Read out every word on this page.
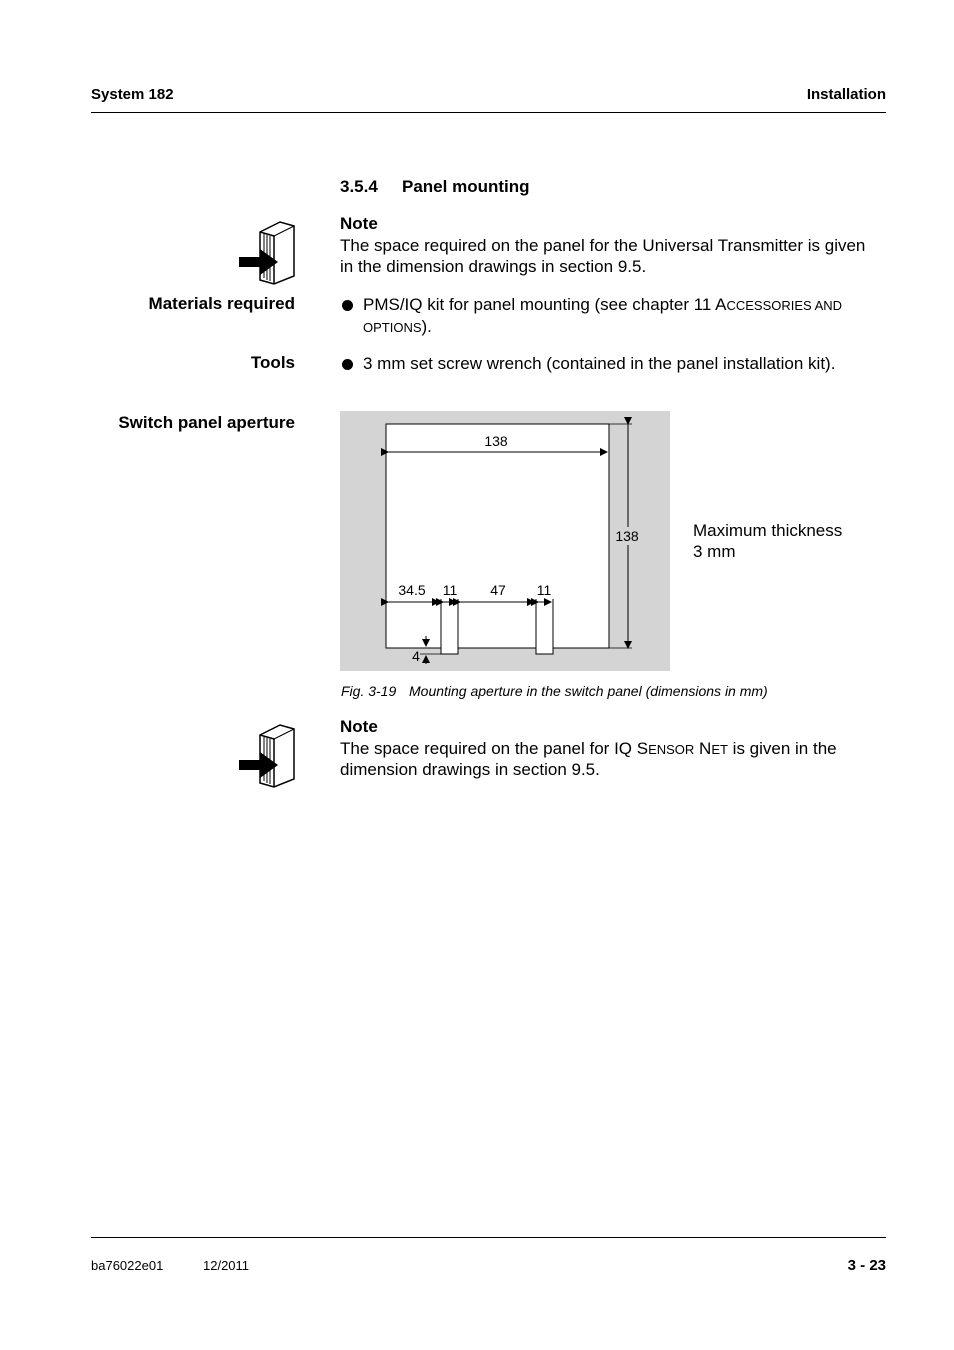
System 182	Installation
3.5.4 Panel mounting
Note
The space required on the panel for the Universal Transmitter is given
in the dimension drawings in section 9.5.
Materials required	PMS/IQ kit for panel mounting (see chapter 11 ACCESSORIES AND
OPTIONS).
Tools	3 mm set screw wrench (contained in the panel installation kit).
Switch panel aperture
138
138
34.5 11 47 11
4
Maximum thickness
3 mm
Fig. 3-19 Mounting aperture in the switch panel (dimensions in mm)
Note
The space required on the panel for IQ SENSOR NET is given in the
dimension drawings in section 9.5.
ba76022e01	12/2011	3 - 23
